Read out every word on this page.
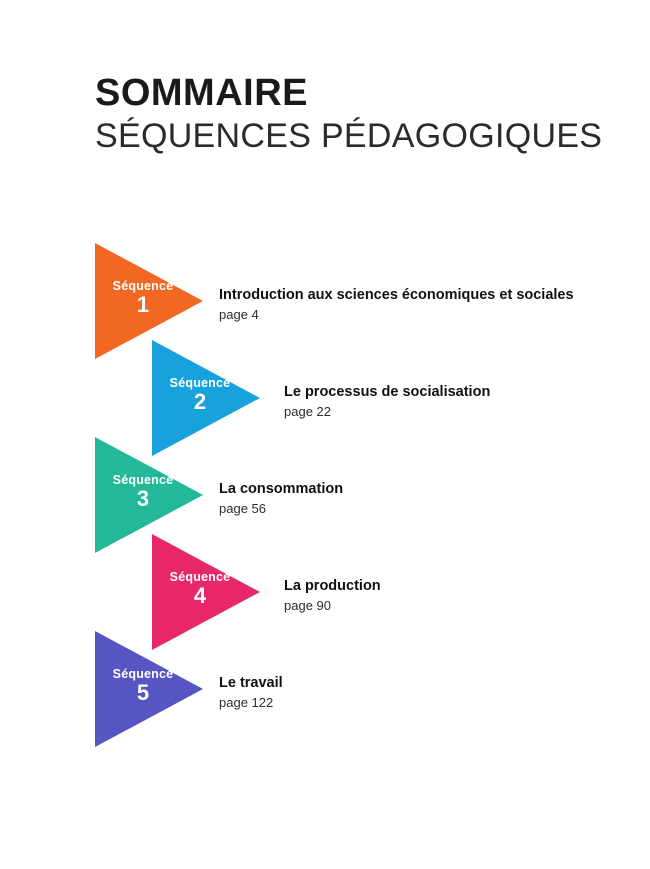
SOMMAIRE
SÉQUENCES PÉDAGOGIQUES
Séquence
1	Introduction aux sciences économiques et sociales

page 4

Séquence
2	Le processus de socialisation

page 22

Séquence
3	La consommation

page 56

Séquence
4	La production

page 90

Séquence
5	Le travail

page 122
